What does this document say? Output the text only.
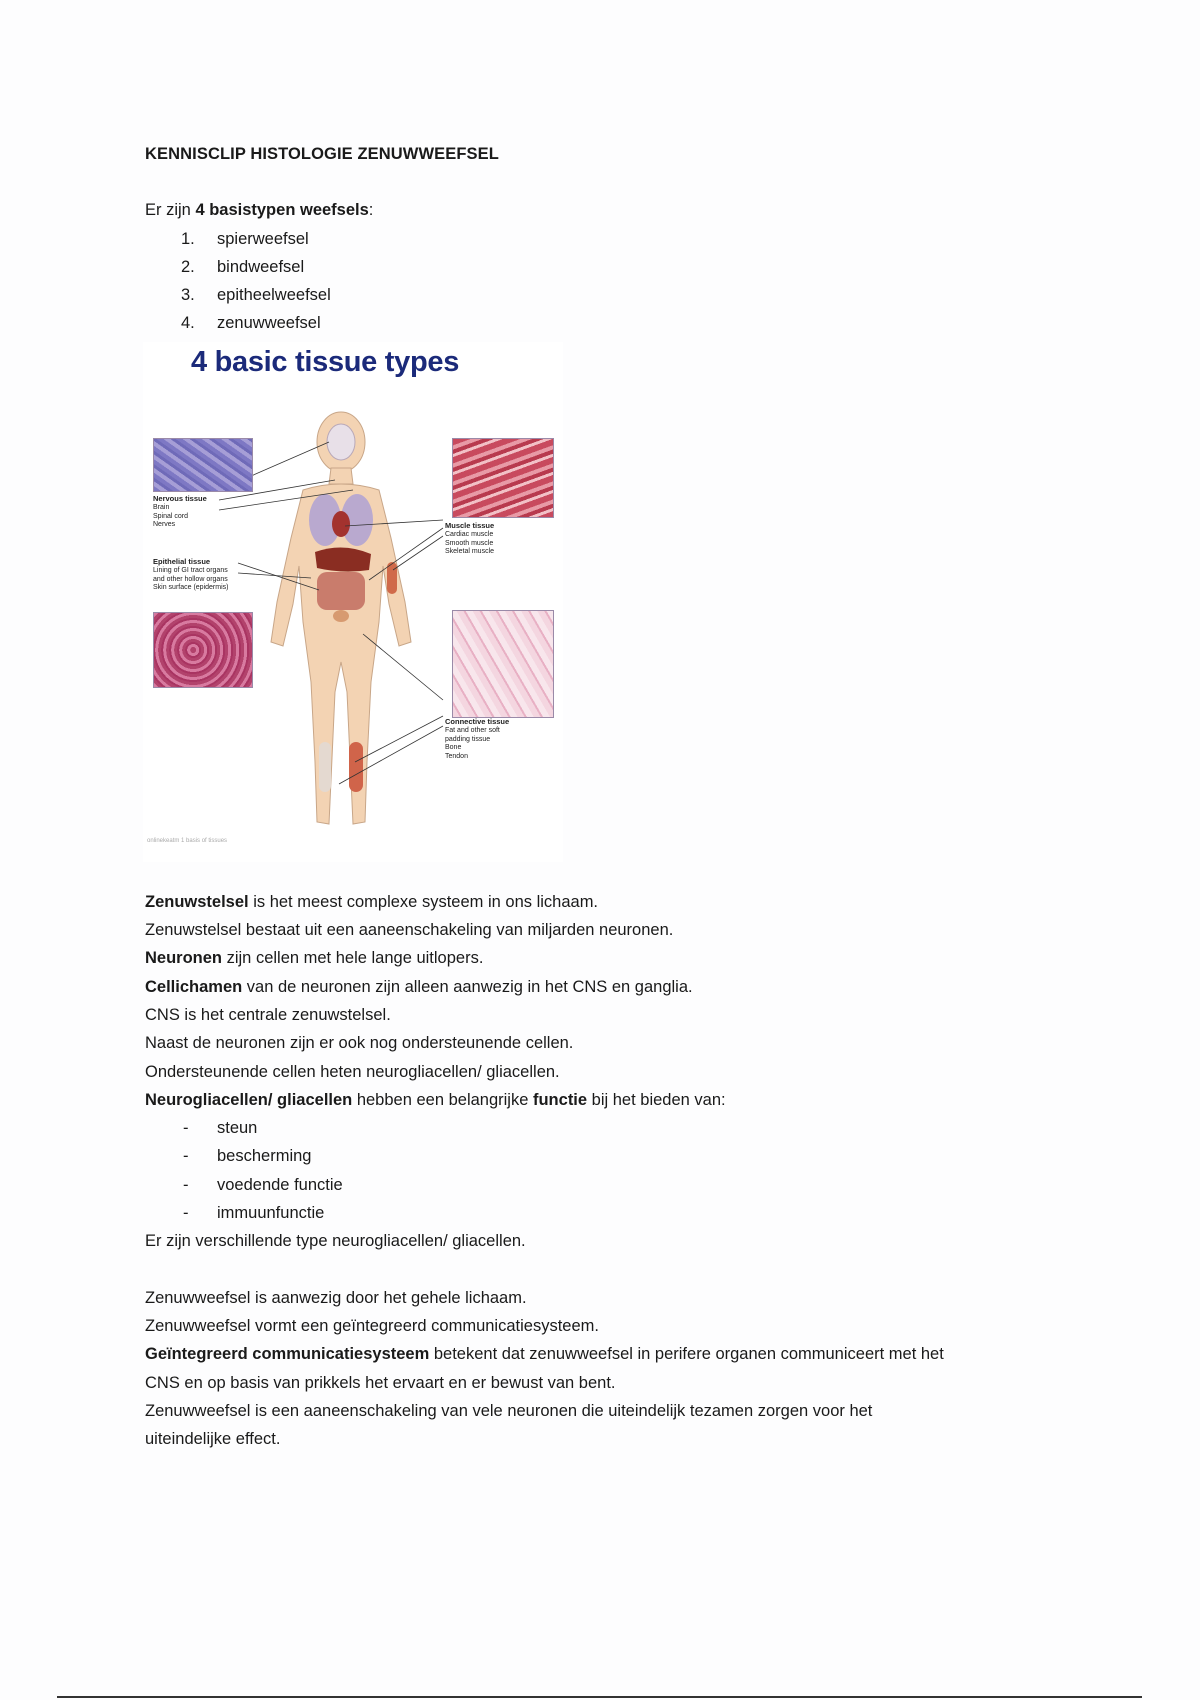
KENNISCLIP HISTOLOGIE ZENUWWEEFSEL

Er zijn 4 basistypen weefsels:

1. spierweefsel
2. bindweefsel
3. epitheelweefsel
4. zenuwweefsel
4 basic tissue types
Nervous tissue
Brain
Spinal cord
Nerves	Muscle tissue
Cardiac muscle
Smooth muscle
Skeletal muscle
Epithelial tissue
Lining of GI tract organs
and other hollow organs
Skin surface (epidermis)
Connective tissue
Fat and other soft
padding tissue
Bone
Tendon
onlinekeatm 1 basis of tissues

Zenuwstelsel is het meest complexe systeem in ons lichaam.

Zenuwstelsel bestaat uit een aaneenschakeling van miljarden neuronen.

Neuronen zijn cellen met hele lange uitlopers.

Cellichamen van de neuronen zijn alleen aanwezig in het CNS en ganglia.

CNS is het centrale zenuwstelsel.

Naast de neuronen zijn er ook nog ondersteunende cellen.

Ondersteunende cellen heten neurogliacellen/ gliacellen.

Neurogliacellen/ gliacellen hebben een belangrijke functie bij het bieden van:

- steun
- bescherming
- voedende functie
- immuunfunctie

Er zijn verschillende type neurogliacellen/ gliacellen.

Zenuwweefsel is aanwezig door het gehele lichaam.

Zenuwweefsel vormt een geïntegreerd communicatiesysteem.

Geïntegreerd communicatiesysteem betekent dat zenuwweefsel in perifere organen communiceert met het

CNS en op basis van prikkels het ervaart en er bewust van bent.

Zenuwweefsel is een aaneenschakeling van vele neuronen die uiteindelijk tezamen zorgen voor het

uiteindelijke effect.
